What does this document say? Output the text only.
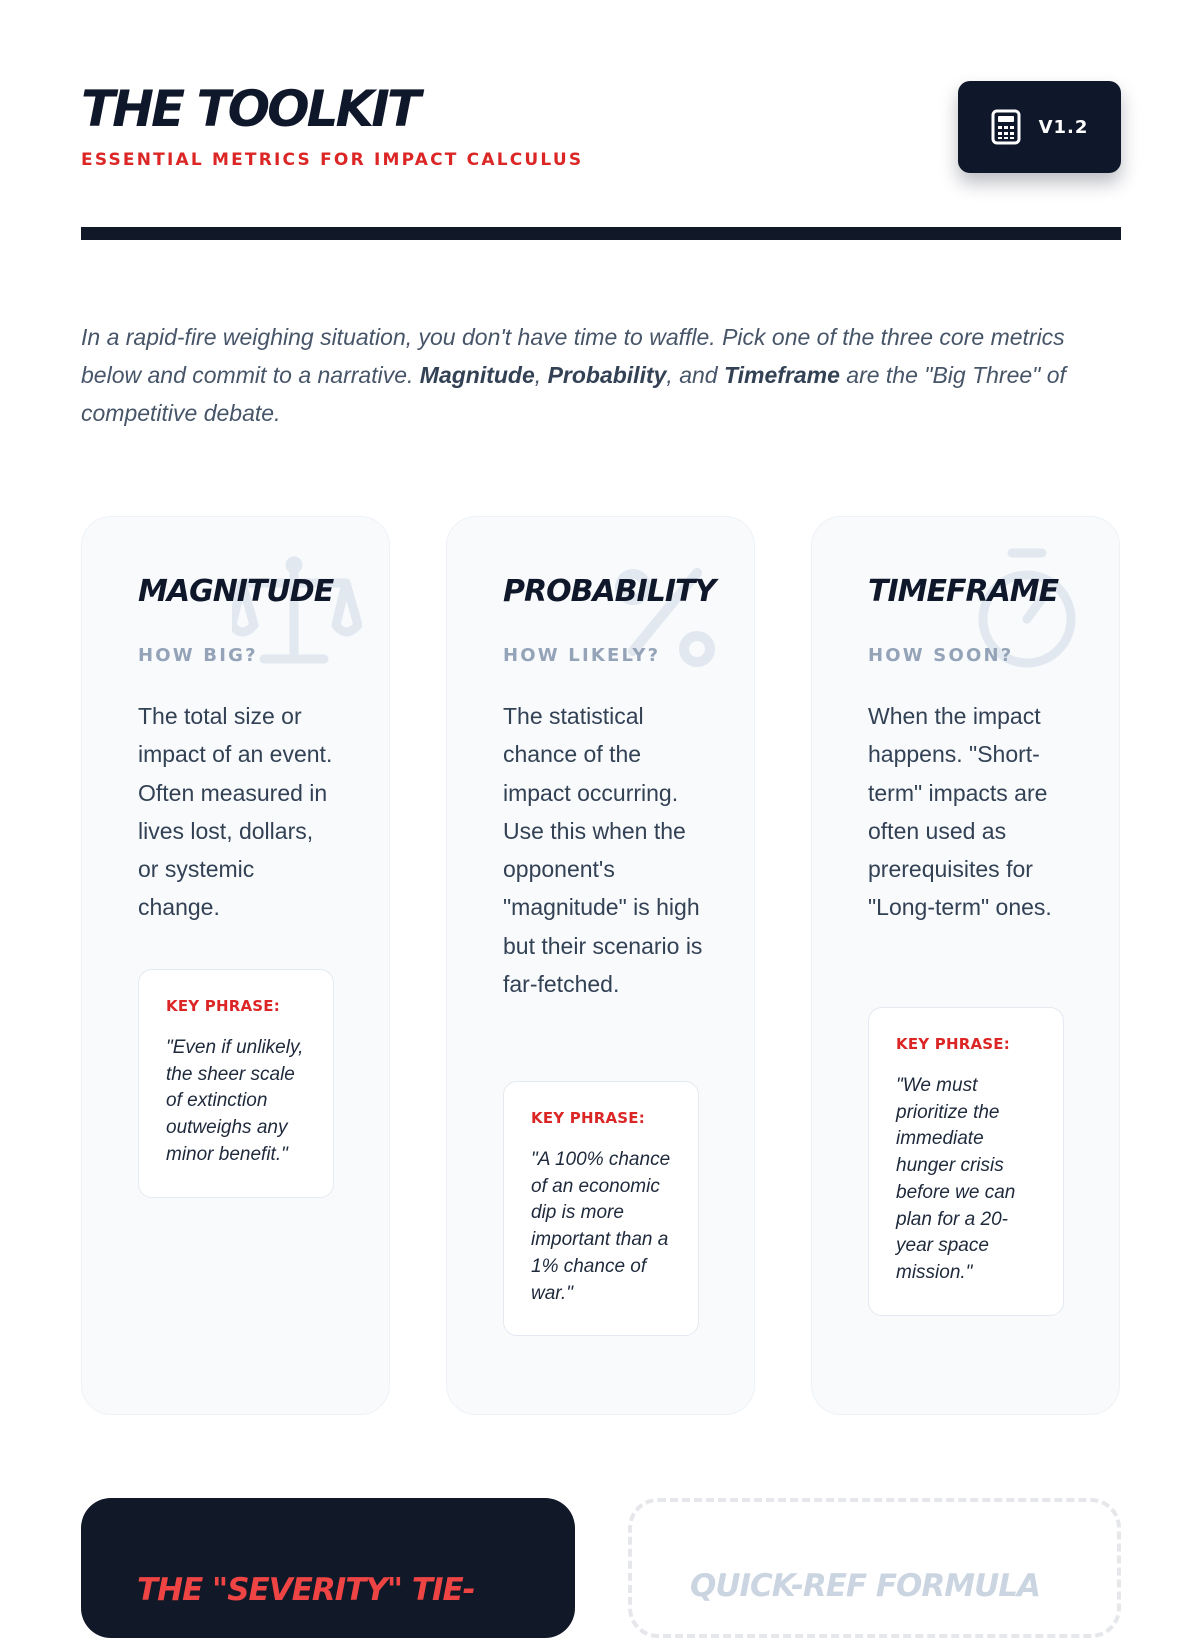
THE TOOLKIT
ESSENTIAL METRICS FOR IMPACT CALCULUS
V1.2

In a rapid-fire weighing situation, you don't have time to waffle. Pick one of the three core metrics below and commit to a narrative. Magnitude, Probability, and Timeframe are the "Big Three" of competitive debate.

MAGNITUDE
HOW BIG?

The total size or impact of an event. Often measured in lives lost, dollars, or systemic change.

KEY PHRASE:
"Even if unlikely, the sheer scale of extinction outweighs any minor benefit."
PROBABILITY
HOW LIKELY?

The statistical chance of the impact occurring. Use this when the opponent's "magnitude" is high but their scenario is far-fetched.

KEY PHRASE:
"A 100% chance of an economic dip is more important than a 1% chance of war."
TIMEFRAME
HOW SOON?

When the impact happens. "Short-term" impacts are often used as prerequisites for "Long-term" ones.

KEY PHRASE:
"We must prioritize the immediate hunger crisis before we can plan for a 20-year space mission."
THE "SEVERITY" TIE-	QUICK-REF FORMULA
